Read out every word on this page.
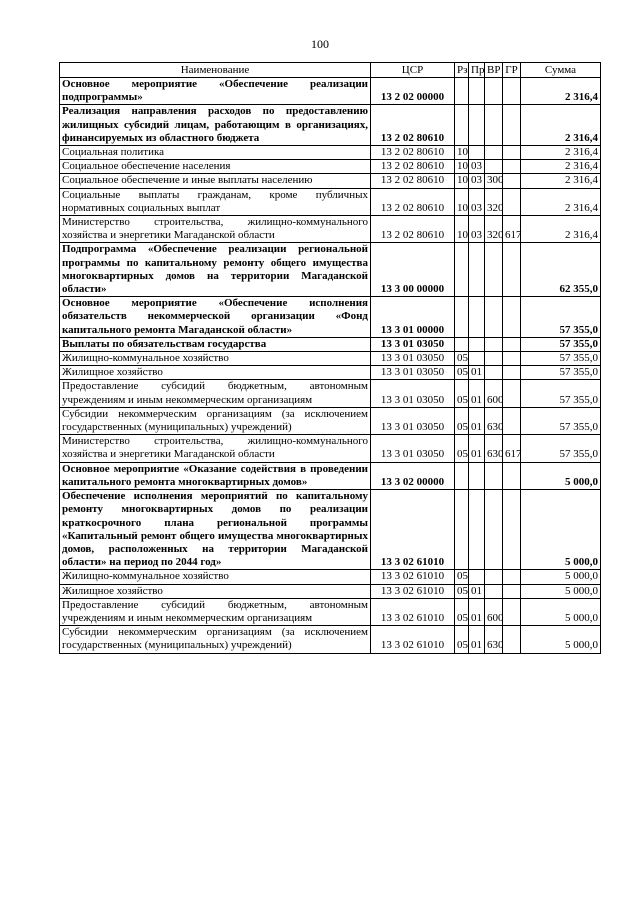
100
Наименование	ЦСР	Рз	Пр	ВР	ГР	Сумма
Основное мероприятие «Обеспечение реализации подпрограммы»	13 2 02 00000					2 316,4
Реализация направления расходов по предоставлению жилищных субсидий лицам, работающим в организациях, финансируемых из областного бюджета	13 2 02 80610					2 316,4
Социальная политика	13 2 02 80610	10				2 316,4
Социальное обеспечение населения	13 2 02 80610	10	03			2 316,4
Социальное обеспечение и иные выплаты населению	13 2 02 80610	10	03	300		2 316,4
Социальные выплаты гражданам, кроме публичных нормативных социальных выплат	13 2 02 80610	10	03	320		2 316,4
Министерство строительства, жилищно-коммунального хозяйства и энергетики Магаданской области	13 2 02 80610	10	03	320	617	2 316,4
Подпрограмма «Обеспечение реализации региональной программы по капитальному ремонту общего имущества многоквартирных домов на территории Магаданской области»	13 3 00 00000					62 355,0
Основное мероприятие «Обеспечение исполнения обязательств некоммерческой организации «Фонд капитального ремонта Магаданской области»	13 3 01 00000					57 355,0
Выплаты по обязательствам государства	13 3 01 03050					57 355,0
Жилищно-коммунальное хозяйство	13 3 01 03050	05				57 355,0
Жилищное хозяйство	13 3 01 03050	05	01			57 355,0
Предоставление субсидий бюджетным, автономным учреждениям и иным некоммерческим организациям	13 3 01 03050	05	01	600		57 355,0
Субсидии некоммерческим организациям (за исключением государственных (муниципальных) учреждений)	13 3 01 03050	05	01	630		57 355,0
Министерство строительства, жилищно-коммунального хозяйства и энергетики Магаданской области	13 3 01 03050	05	01	630	617	57 355,0
Основное мероприятие «Оказание содействия в проведении капитального ремонта многоквартирных домов»	13 3 02 00000					5 000,0
Обеспечение исполнения мероприятий по капитальному ремонту многоквартирных домов по реализации краткосрочного плана региональной программы «Капитальный ремонт общего имущества многоквартирных домов, расположенных на территории Магаданской области» на период по 2044 год»	13 3 02 61010					5 000,0
Жилищно-коммунальное хозяйство	13 3 02 61010	05				5 000,0
Жилищное хозяйство	13 3 02 61010	05	01			5 000,0
Предоставление субсидий бюджетным, автономным учреждениям и иным некоммерческим организациям	13 3 02 61010	05	01	600		5 000,0
Субсидии некоммерческим организациям (за исключением государственных (муниципальных) учреждений)	13 3 02 61010	05	01	630		5 000,0
